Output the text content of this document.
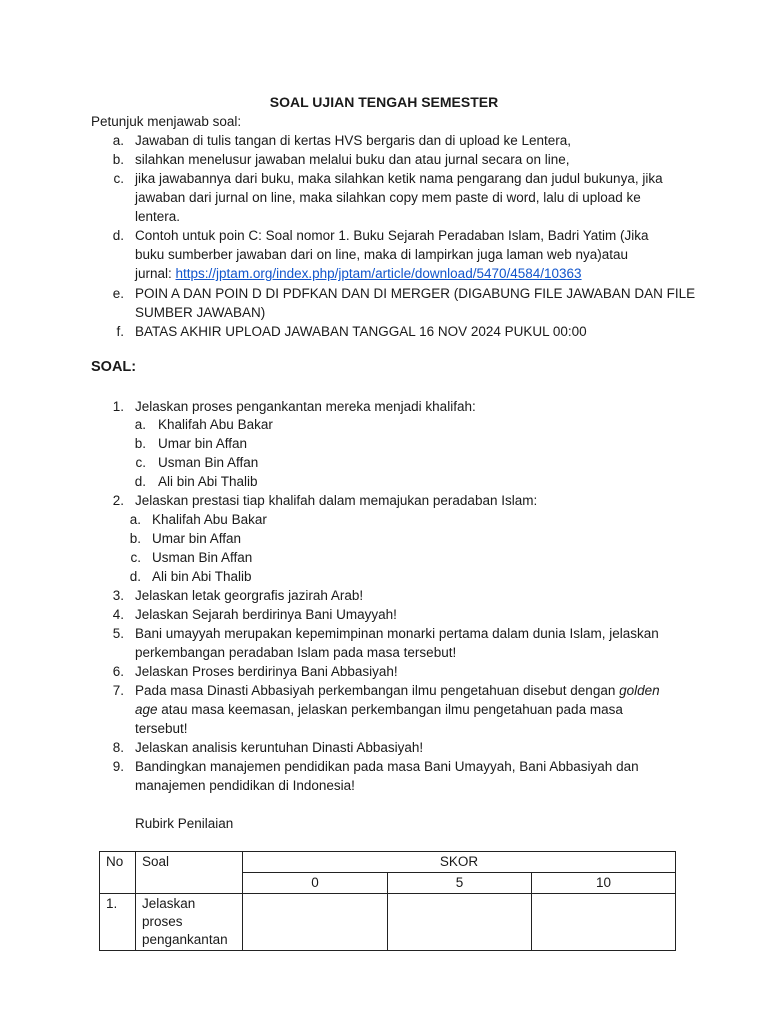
SOAL UJIAN TENGAH SEMESTER
Petunjuk menjawab soal:
a. Jawaban di tulis tangan di kertas HVS bergaris dan di upload ke Lentera,
b. silahkan menelusur jawaban melalui buku dan atau jurnal secara on line,
c. jika jawabannya dari buku, maka silahkan ketik nama pengarang dan judul bukunya, jika
jawaban dari jurnal on line, maka silahkan copy mem paste di word, lalu di upload ke
lentera.
d. Contoh untuk poin C: Soal nomor 1. Buku Sejarah Peradaban Islam, Badri Yatim (Jika
buku sumberber jawaban dari on line, maka di lampirkan juga laman web nya)atau
jurnal: https://jptam.org/index.php/jptam/article/download/5470/4584/10363
e. POIN A DAN POIN D DI PDFKAN DAN DI MERGER (DIGABUNG FILE JAWABAN DAN FILE
SUMBER JAWABAN)
f. BATAS AKHIR UPLOAD JAWABAN TANGGAL 16 NOV 2024 PUKUL 00:00
SOAL:
1. Jelaskan proses pengankantan mereka menjadi khalifah:
a. Khalifah Abu Bakar
b. Umar bin Affan
c. Usman Bin Affan
d. Ali bin Abi Thalib
2. Jelaskan prestasi tiap khalifah dalam memajukan peradaban Islam:
a. Khalifah Abu Bakar
b. Umar bin Affan
c. Usman Bin Affan
d. Ali bin Abi Thalib
3. Jelaskan letak georgrafis jazirah Arab!
4. Jelaskan Sejarah berdirinya Bani Umayyah!
5. Bani umayyah merupakan kepemimpinan monarki pertama dalam dunia Islam, jelaskan
perkembangan peradaban Islam pada masa tersebut!
6. Jelaskan Proses berdirinya Bani Abbasiyah!
7. Pada masa Dinasti Abbasiyah perkembangan ilmu pengetahuan disebut dengan golden
age atau masa keemasan, jelaskan perkembangan ilmu pengetahuan pada masa
tersebut!
8. Jelaskan analisis keruntuhan Dinasti Abbasiyah!
9. Bandingkan manajemen pendidikan pada masa Bani Umayyah, Bani Abbasiyah dan
manajemen pendidikan di Indonesia!
Rubirk Penilaian
No	Soal	SKOR		
		0	5	10
1.	Jelaskan proses
pengankantan			
